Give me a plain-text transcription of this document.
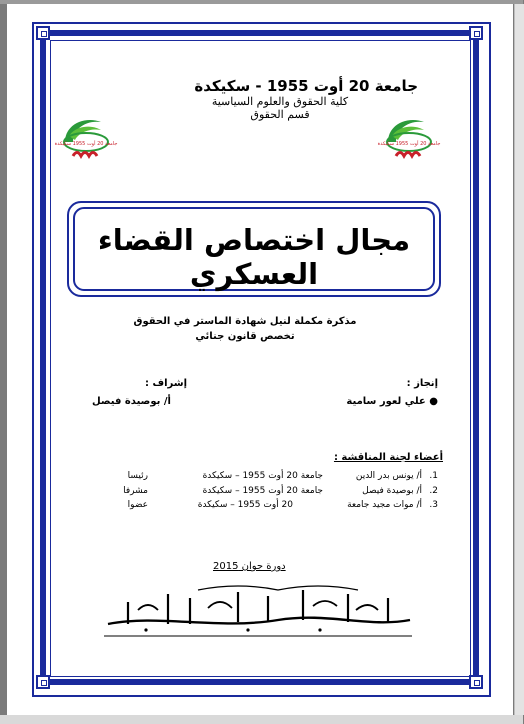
جامعة 20 أوت 1955 - سكيكدة
كلية الحقوق والعلوم السياسية
قسم الحقوق
جامعة 20 أوت 1955 سكيكدة	جامعة 20 أوت 1955 سكيكدة
مجال اختصاص القضاء العسكري
مذكرة مكملة لنيل شهادة الماستر في الحقوق
تخصص قانون جنائي
إنجاز :
● علي لعور سامية
إشراف :
أ/ بوصيدة فيصل
أعضاء لجنة المناقشة :
1.
أ/ يونس بدر الدين
جامعة 20 أوت 1955 – سكيكدة
رئيسا
2.
أ/ بوصيدة فيصل
جامعة 20 أوت 1955 – سكيكدة
مشرفا
3.
أ/ موات مجيد جامعة
20 أوت 1955 – سكيكدة
عضوا
دورة جوان 2015
